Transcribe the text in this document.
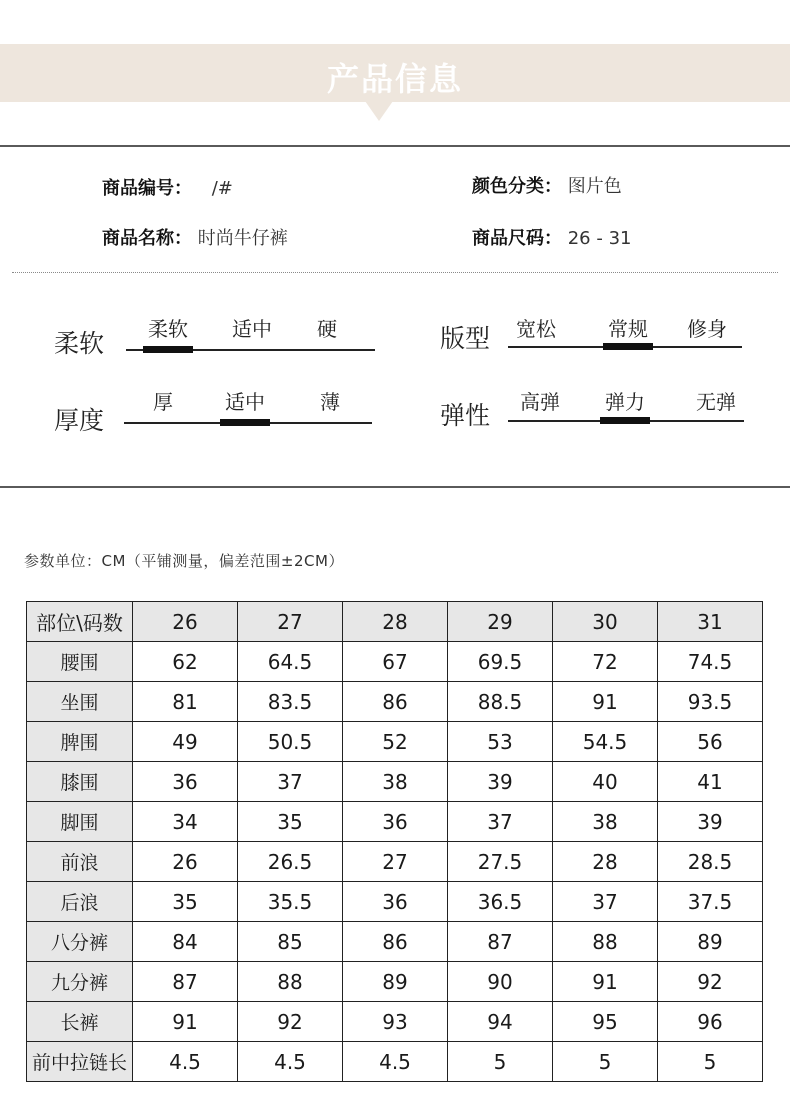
产品信息
商品编号： /#	颜色分类： 图片色
商品名称： 时尚牛仔裤	商品尺码： 26 - 31
柔软	柔软	适中	硬	版型	宽松	常规	修身
厚度
厚	适中	薄	弹性	高弹	弹力	无弹
参数单位：CM（平铺测量，偏差范围±2CM）
部位\码数	26	27	28	29	30	31
腰围	62	64.5	67	69.5	72	74.5
坐围	81	83.5	86	88.5	91	93.5
脾围	49	50.5	52	53	54.5	56
膝围	36	37	38	39	40	41
脚围	34	35	36	37	38	39
前浪	26	26.5	27	27.5	28	28.5
后浪	35	35.5	36	36.5	37	37.5
八分裤	84	85	86	87	88	89
九分裤	87	88	89	90	91	92
长裤	91	92	93	94	95	96
前中拉链长	4.5	4.5	4.5	5	5	5
